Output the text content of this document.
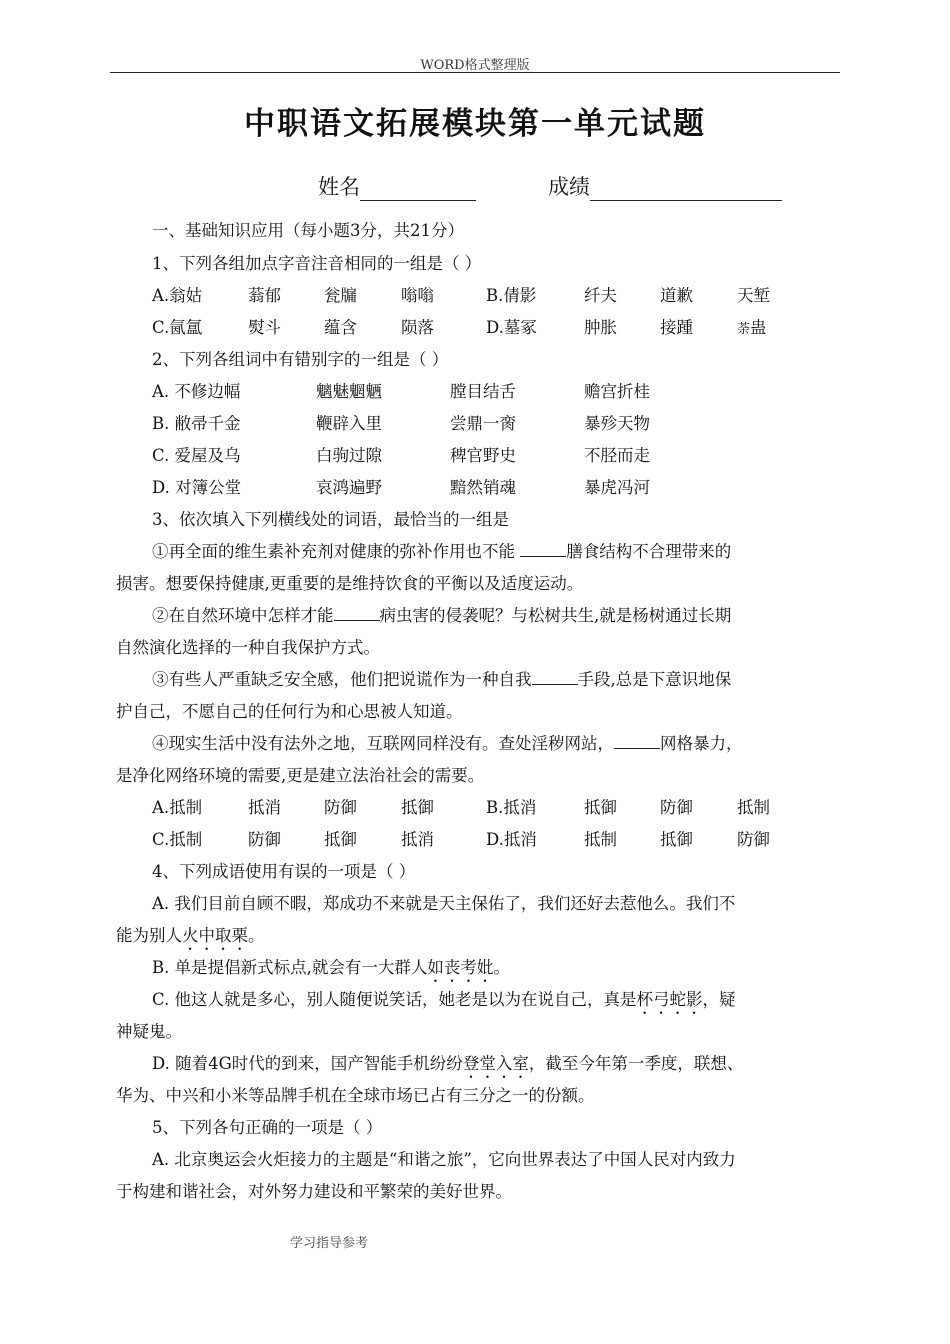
WORD格式整理版
中职语文拓展模块第一单元试题
姓名	成绩
一、基础知识应用（每小题3分，共21分）
1、下列各组加点字音注音相同的一组是（ ）
A.翁姑	蓊郁	瓮牖	嗡嗡	B.倩影	纤夫	道歉	天堑
C.氤氲	熨斗	蕴含	陨落	D.墓冢	肿胀	接踵	荼蛊
2、下列各组词中有错别字的一组是（ ）
A. 不修边幅	魑魅魍魉	膛目结舌	赡宫折桂
B. 敝帚千金	鞭辟入里	尝鼎一脔	暴殄天物
C. 爱屋及乌	白驹过隙	稗官野史	不胫而走
D. 对簿公堂	哀鸿遍野	黯然销魂	暴虎冯河
3、依次填入下列横线处的词语，最恰当的一组是
①再全面的维生素补充剂对健康的弥补作用也不能	膳食结构不合理带来的
损害。想要保持健康,更重要的是维持饮食的平衡以及适度运动。
②在自然环境中怎样才能	病虫害的侵袭呢？与松树共生,就是杨树通过长期
自然演化选择的一种自我保护方式。
③有些人严重缺乏安全感，他们把说谎作为一种自我	手段,总是下意识地保
护自己，不愿自己的任何行为和心思被人知道。
④现实生活中没有法外之地，互联网同样没有。查处淫秽网站，	网格暴力，
是净化网络环境的需要,更是建立法治社会的需要。
A.抵制	抵消	防御	抵御	B.抵消	抵御	防御	抵制
C.抵制	防御	抵御	抵消	D.抵消	抵制	抵御	防御
4、下列成语使用有误的一项是（ ）
A. 我们目前自顾不暇，郑成功不来就是天主保佑了，我们还好去惹他么。我们不
能为别人火中取栗。
B. 单是提倡新式标点,就会有一大群人如丧考妣。
C. 他这人就是多心，别人随便说笑话，她老是以为在说自己，真是杯弓蛇影，疑
神疑鬼。
D. 随着4G时代的到来，国产智能手机纷纷登堂入室，截至今年第一季度，联想、
华为、中兴和小米等品牌手机在全球市场已占有三分之一的份额。
5、下列各句正确的一项是（ ）
A. 北京奥运会火炬接力的主题是“和谐之旅”，它向世界表达了中国人民对内致力
于构建和谐社会，对外努力建设和平繁荣的美好世界。
学习指导参考
